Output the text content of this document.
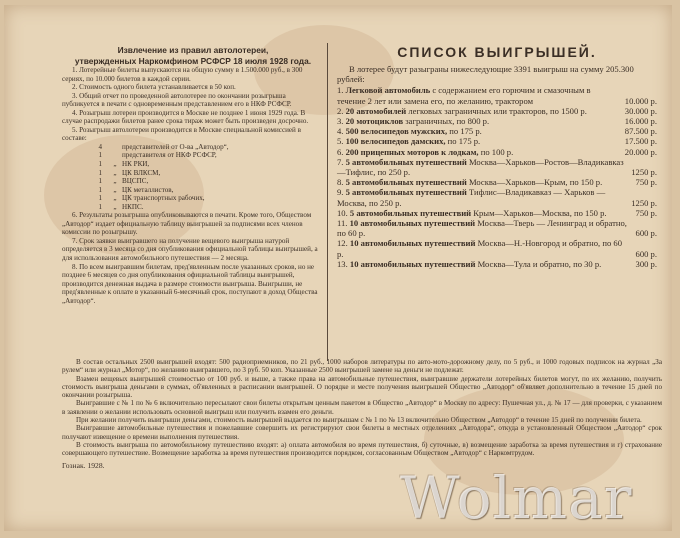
Извлечение из правил автолотереи,
утвержденных Наркомфином РСФСР 18 июля 1928 года.

1. Лотерейные билеты выпускаются на общую сумму в 1.500.000 руб., в 300 сериях, по 10.000 билетов в каждой серии.

2. Стоимость одного билета устанавливается в 50 коп.

3. Общий отчет по проведенной автолотерее по окончании розыгрыша публикуется в печати с одновременным представлением его в НКФ РСФСР.

4. Розыгрыш лотереи производится в Москве не позднее 1 июня 1929 года. В случае распродажи билетов ранее срока тираж может быть произведен досрочно.

5. Розыгрыш автолотереи производится в Москве специальной комиссией в составе:

4	представителей от О-ва „Автодор“,
1	представителя от НКФ РСФСР,
1 „ НК РКИ,
1 „ ЦК ВЛКСМ,
1 „ ВЦСПС,
1 „ ЦК металлистов,
1 „ ЦК транспортных рабочих,
1 „ НКПС.

6. Результаты розыгрыша опубликовываются в печати. Кроме того, Обществом „Автодор“ издает официальную таблицу выигрышей за подписями всех членов комиссии по розыгрышу.

7. Срок заявки выигравшего на получение вещевого выигрыша натурой определяется в 3 месяца со дня опубликования официальной таблицы выигрышей, а для использования автомобильного путешествия — 2 месяца.

8. По всем выигравшим билетам, пред'явленным после указанных сроков, но не позднее 6 месяцев со дня опубликования официальной таблицы выигрышей, производится денежная выдача в размере стоимости выигрыша. Выигрыши, не пред'явленные к оплате в указанный 6-месячный срок, поступают в доход Общества „Автодор“.

СПИСОК ВЫИГРЫШЕЙ.

В лотерее будут разыграны нижеследующие 3391 выигрыш на сумму 205.300 рублей:

1. Легковой автомобиль с содержанием его горючим и смазочным в течение 2 лет или замена его, по желанию, трактором	10.000 р.
2. 20 автомобилей легковых заграничных или тракторов, по 1500 р.	30.000 р.
3. 20 мотоциклов заграничных, по 800 р.	16.000 р.
4. 500 велосипедов мужских, по 175 р.	87.500 р.
5. 100 велосипедов дамских, по 175 р.	17.500 р.
6. 200 прицепных моторов к лодкам, по 100 р.	20.000 р.
7. 5 автомобильных путешествий Москва—Харьков—Ростов—Владикавказ—Тифлис, по 250 р.	1250 р.
8. 5 автомобильных путешествий Москва—Харьков—Крым, по 150 р.	750 р.
9. 5 автомобильных путешествий Тифлис—Владикавказ — Харьков — Москва, по 250 р.	1250 р.
10. 5 автомобильных путешествий Крым—Харьков—Москва, по 150 р.	750 р.
11. 10 автомобильных путешествий Москва—Тверь — Ленинград и обратно, по 60 р.	600 р.
12. 10 автомобильных путешествий Москва—Н.-Новгород и обратно, по 60 р.	600 р.
13. 10 автомобильных путешествий Москва—Тула и обратно, по 30 р.	300 р.

В состав остальных 2500 выигрышей входят: 500 радиоприемников, по 21 руб., 1000 наборов литературы по авто-мото-дорожному делу, по 5 руб., и 1000 годовых подписок на журнал „За рулем“ или журнал „Мотор“, по желанию выигравшего, по 3 руб. 50 коп. Указанные 2500 выигрышей замене на деньги не подлежат.

Взамен вещевых выигрышей стоимостью от 100 руб. и выше, а также права на автомобильные путешествия, выигравшие держатели лотерейных билетов могут, по их желанию, получить стоимость выигрыша деньгами в суммах, об'явленных в расписании выигрышей. О порядке и месте получения выигрышей Общество „Автодор“ об'являет дополнительно в течение 15 дней по окончании розыгрыша.

Выигравшие с № 1 по № 6 включительно пересылают свои билеты открытым ценным пакетом в Общество „Автодор“ в Москву по адресу: Пушечная ул., д. № 17 — для проверки, с указанием в заявлении о желании использовать основной выигрыш или получить взамен его деньги.

При желании получить выигрыши деньгами, стоимость выигрышей выдается по выигрышам с № 1 по № 13 включительно Обществом „Автодор“ в течение 15 дней по получении билета.

Выигравшие автомобильные путешествия и пожелавшие совершить их регистрируют свои билеты в местных отделениях „Автодора“, откуда в установленный Обществом „Автодор“ срок получают извещение о времени выполнения путешествия.

В стоимость выигрыша по автомобильному путешествию входят: а) оплата автомобиля во время путешествия, б) суточные, в) возмещение заработка за время путешествия и г) страхование совершающего путешествие. Возмещение заработка за время путешествия производится порядком, согласованным Обществом „Автодор“ с Наркомтрудом.

Гознак. 1928.	Wolmar
